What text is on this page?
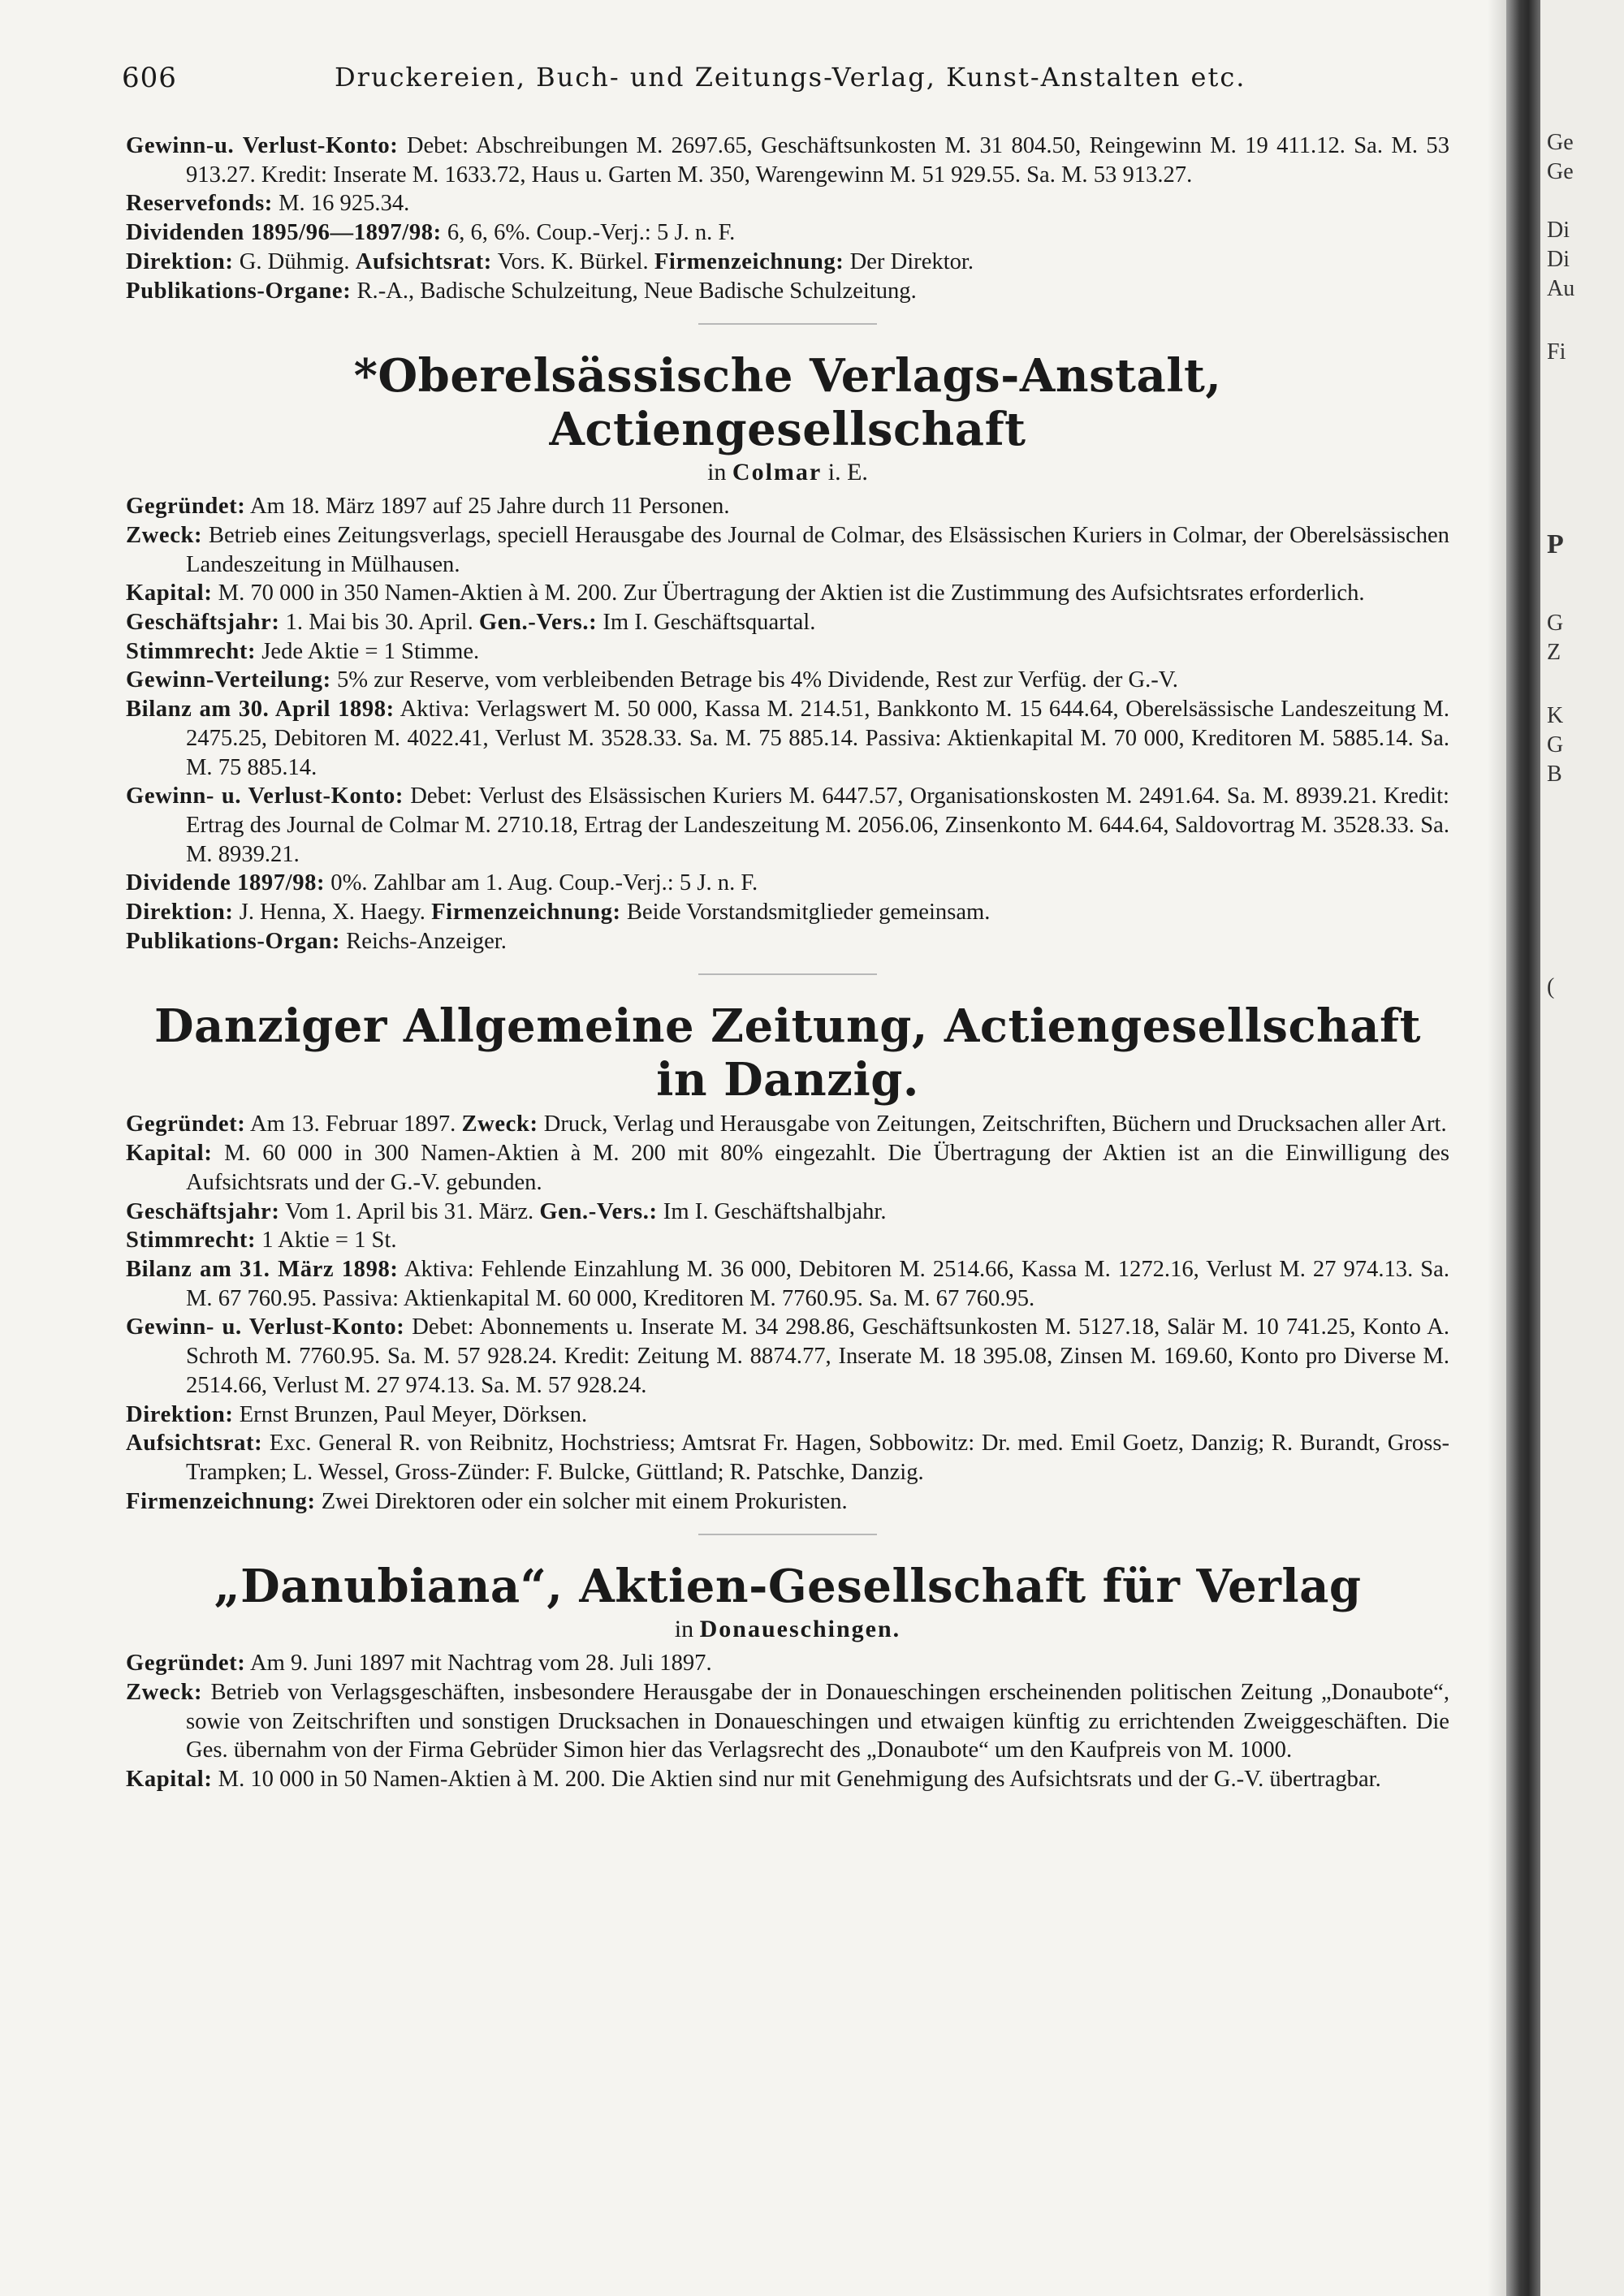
606	Druckereien, Buch- und Zeitungs-Verlag, Kunst-Anstalten etc.

Gewinn-u. Verlust-Konto: Debet: Abschreibungen M. 2697.65, Geschäftsunkosten M. 31 804.50, Reingewinn M. 19 411.12. Sa. M. 53 913.27. Kredit: Inserate M. 1633.72, Haus u. Garten M. 350, Warengewinn M. 51 929.55. Sa. M. 53 913.27.

Reservefonds: M. 16 925.34.

Dividenden 1895/96—1897/98: 6, 6, 6%. Coup.-Verj.: 5 J. n. F.

Direktion: G. Dühmig. Aufsichtsrat: Vors. K. Bürkel. Firmenzeichnung: Der Direktor.

Publikations-Organe: R.-A., Badische Schulzeitung, Neue Badische Schulzeitung.

*Oberelsässische Verlags-Anstalt, Actiengesellschaft
in Colmar i. E.

Gegründet: Am 18. März 1897 auf 25 Jahre durch 11 Personen.

Zweck: Betrieb eines Zeitungsverlags, speciell Herausgabe des Journal de Colmar, des Elsässischen Kuriers in Colmar, der Oberelsässischen Landeszeitung in Mülhausen.

Kapital: M. 70 000 in 350 Namen-Aktien à M. 200. Zur Übertragung der Aktien ist die Zustimmung des Aufsichtsrates erforderlich.

Geschäftsjahr: 1. Mai bis 30. April. Gen.-Vers.: Im I. Geschäftsquartal.

Stimmrecht: Jede Aktie = 1 Stimme.

Gewinn-Verteilung: 5% zur Reserve, vom verbleibenden Betrage bis 4% Dividende, Rest zur Verfüg. der G.-V.

Bilanz am 30. April 1898: Aktiva: Verlagswert M. 50 000, Kassa M. 214.51, Bankkonto M. 15 644.64, Oberelsässische Landeszeitung M. 2475.25, Debitoren M. 4022.41, Verlust M. 3528.33. Sa. M. 75 885.14. Passiva: Aktienkapital M. 70 000, Kreditoren M. 5885.14. Sa. M. 75 885.14.

Gewinn- u. Verlust-Konto: Debet: Verlust des Elsässischen Kuriers M. 6447.57, Organisationskosten M. 2491.64. Sa. M. 8939.21. Kredit: Ertrag des Journal de Colmar M. 2710.18, Ertrag der Landeszeitung M. 2056.06, Zinsenkonto M. 644.64, Saldovortrag M. 3528.33. Sa. M. 8939.21.

Dividende 1897/98: 0%. Zahlbar am 1. Aug. Coup.-Verj.: 5 J. n. F.

Direktion: J. Henna, X. Haegy. Firmenzeichnung: Beide Vorstandsmitglieder gemeinsam.

Publikations-Organ: Reichs-Anzeiger.

Danziger Allgemeine Zeitung, Actiengesellschaft in Danzig.

Gegründet: Am 13. Februar 1897. Zweck: Druck, Verlag und Herausgabe von Zeitungen, Zeitschriften, Büchern und Drucksachen aller Art.

Kapital: M. 60 000 in 300 Namen-Aktien à M. 200 mit 80% eingezahlt. Die Übertragung der Aktien ist an die Einwilligung des Aufsichtsrats und der G.-V. gebunden.

Geschäftsjahr: Vom 1. April bis 31. März. Gen.-Vers.: Im I. Geschäftshalbjahr.

Stimmrecht: 1 Aktie = 1 St.

Bilanz am 31. März 1898: Aktiva: Fehlende Einzahlung M. 36 000, Debitoren M. 2514.66, Kassa M. 1272.16, Verlust M. 27 974.13. Sa. M. 67 760.95. Passiva: Aktienkapital M. 60 000, Kreditoren M. 7760.95. Sa. M. 67 760.95.

Gewinn- u. Verlust-Konto: Debet: Abonnements u. Inserate M. 34 298.86, Geschäftsunkosten M. 5127.18, Salär M. 10 741.25, Konto A. Schroth M. 7760.95. Sa. M. 57 928.24. Kredit: Zeitung M. 8874.77, Inserate M. 18 395.08, Zinsen M. 169.60, Konto pro Diverse M. 2514.66, Verlust M. 27 974.13. Sa. M. 57 928.24.

Direktion: Ernst Brunzen, Paul Meyer, Dörksen.

Aufsichtsrat: Exc. General R. von Reibnitz, Hochstriess; Amtsrat Fr. Hagen, Sobbowitz: Dr. med. Emil Goetz, Danzig; R. Burandt, Gross-Trampken; L. Wessel, Gross-Zünder: F. Bulcke, Güttland; R. Patschke, Danzig.

Firmenzeichnung: Zwei Direktoren oder ein solcher mit einem Prokuristen.

„Danubiana“, Aktien-Gesellschaft für Verlag
in Donaueschingen.

Gegründet: Am 9. Juni 1897 mit Nachtrag vom 28. Juli 1897.

Zweck: Betrieb von Verlagsgeschäften, insbesondere Herausgabe der in Donaueschingen erscheinenden politischen Zeitung „Donaubote“, sowie von Zeitschriften und sonstigen Drucksachen in Donaueschingen und etwaigen künftig zu errichtenden Zweiggeschäften. Die Ges. übernahm von der Firma Gebrüder Simon hier das Verlagsrecht des „Donaubote“ um den Kaufpreis von M. 1000.

Kapital: M. 10 000 in 50 Namen-Aktien à M. 200. Die Aktien sind nur mit Genehmigung des Aufsichtsrats und der G.-V. übertragbar.

Ge
Ge
Di
Di
Au
Fi
P
G
Z
K
G
B
(
